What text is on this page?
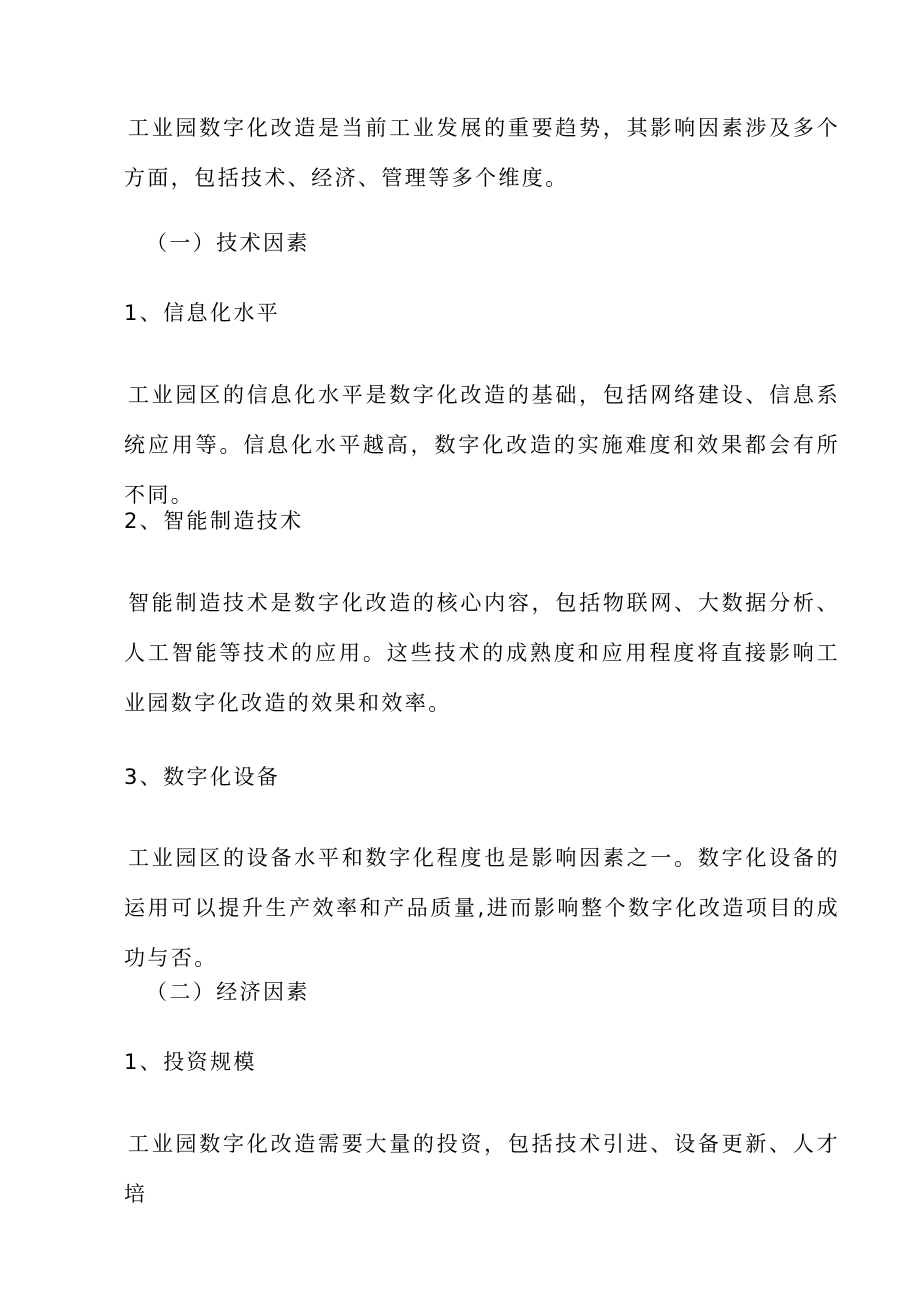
工业园数字化改造是当前工业发展的重要趋势，其影响因素涉及多个方面，包括技术、经济、管理等多个维度。

（一）技术因素

1、信息化水平

工业园区的信息化水平是数字化改造的基础，包括网络建设、信息系统应用等。信息化水平越高，数字化改造的实施难度和效果都会有所不同。

2、智能制造技术

智能制造技术是数字化改造的核心内容，包括物联网、大数据分析、人工智能等技术的应用。这些技术的成熟度和应用程度将直接影响工业园数字化改造的效果和效率。

3、数字化设备

工业园区的设备水平和数字化程度也是影响因素之一。数字化设备的运用可以提升生产效率和产品质量,进而影响整个数字化改造项目的成功与否。

（二）经济因素

1、投资规模

工业园数字化改造需要大量的投资，包括技术引进、设备更新、人才培
